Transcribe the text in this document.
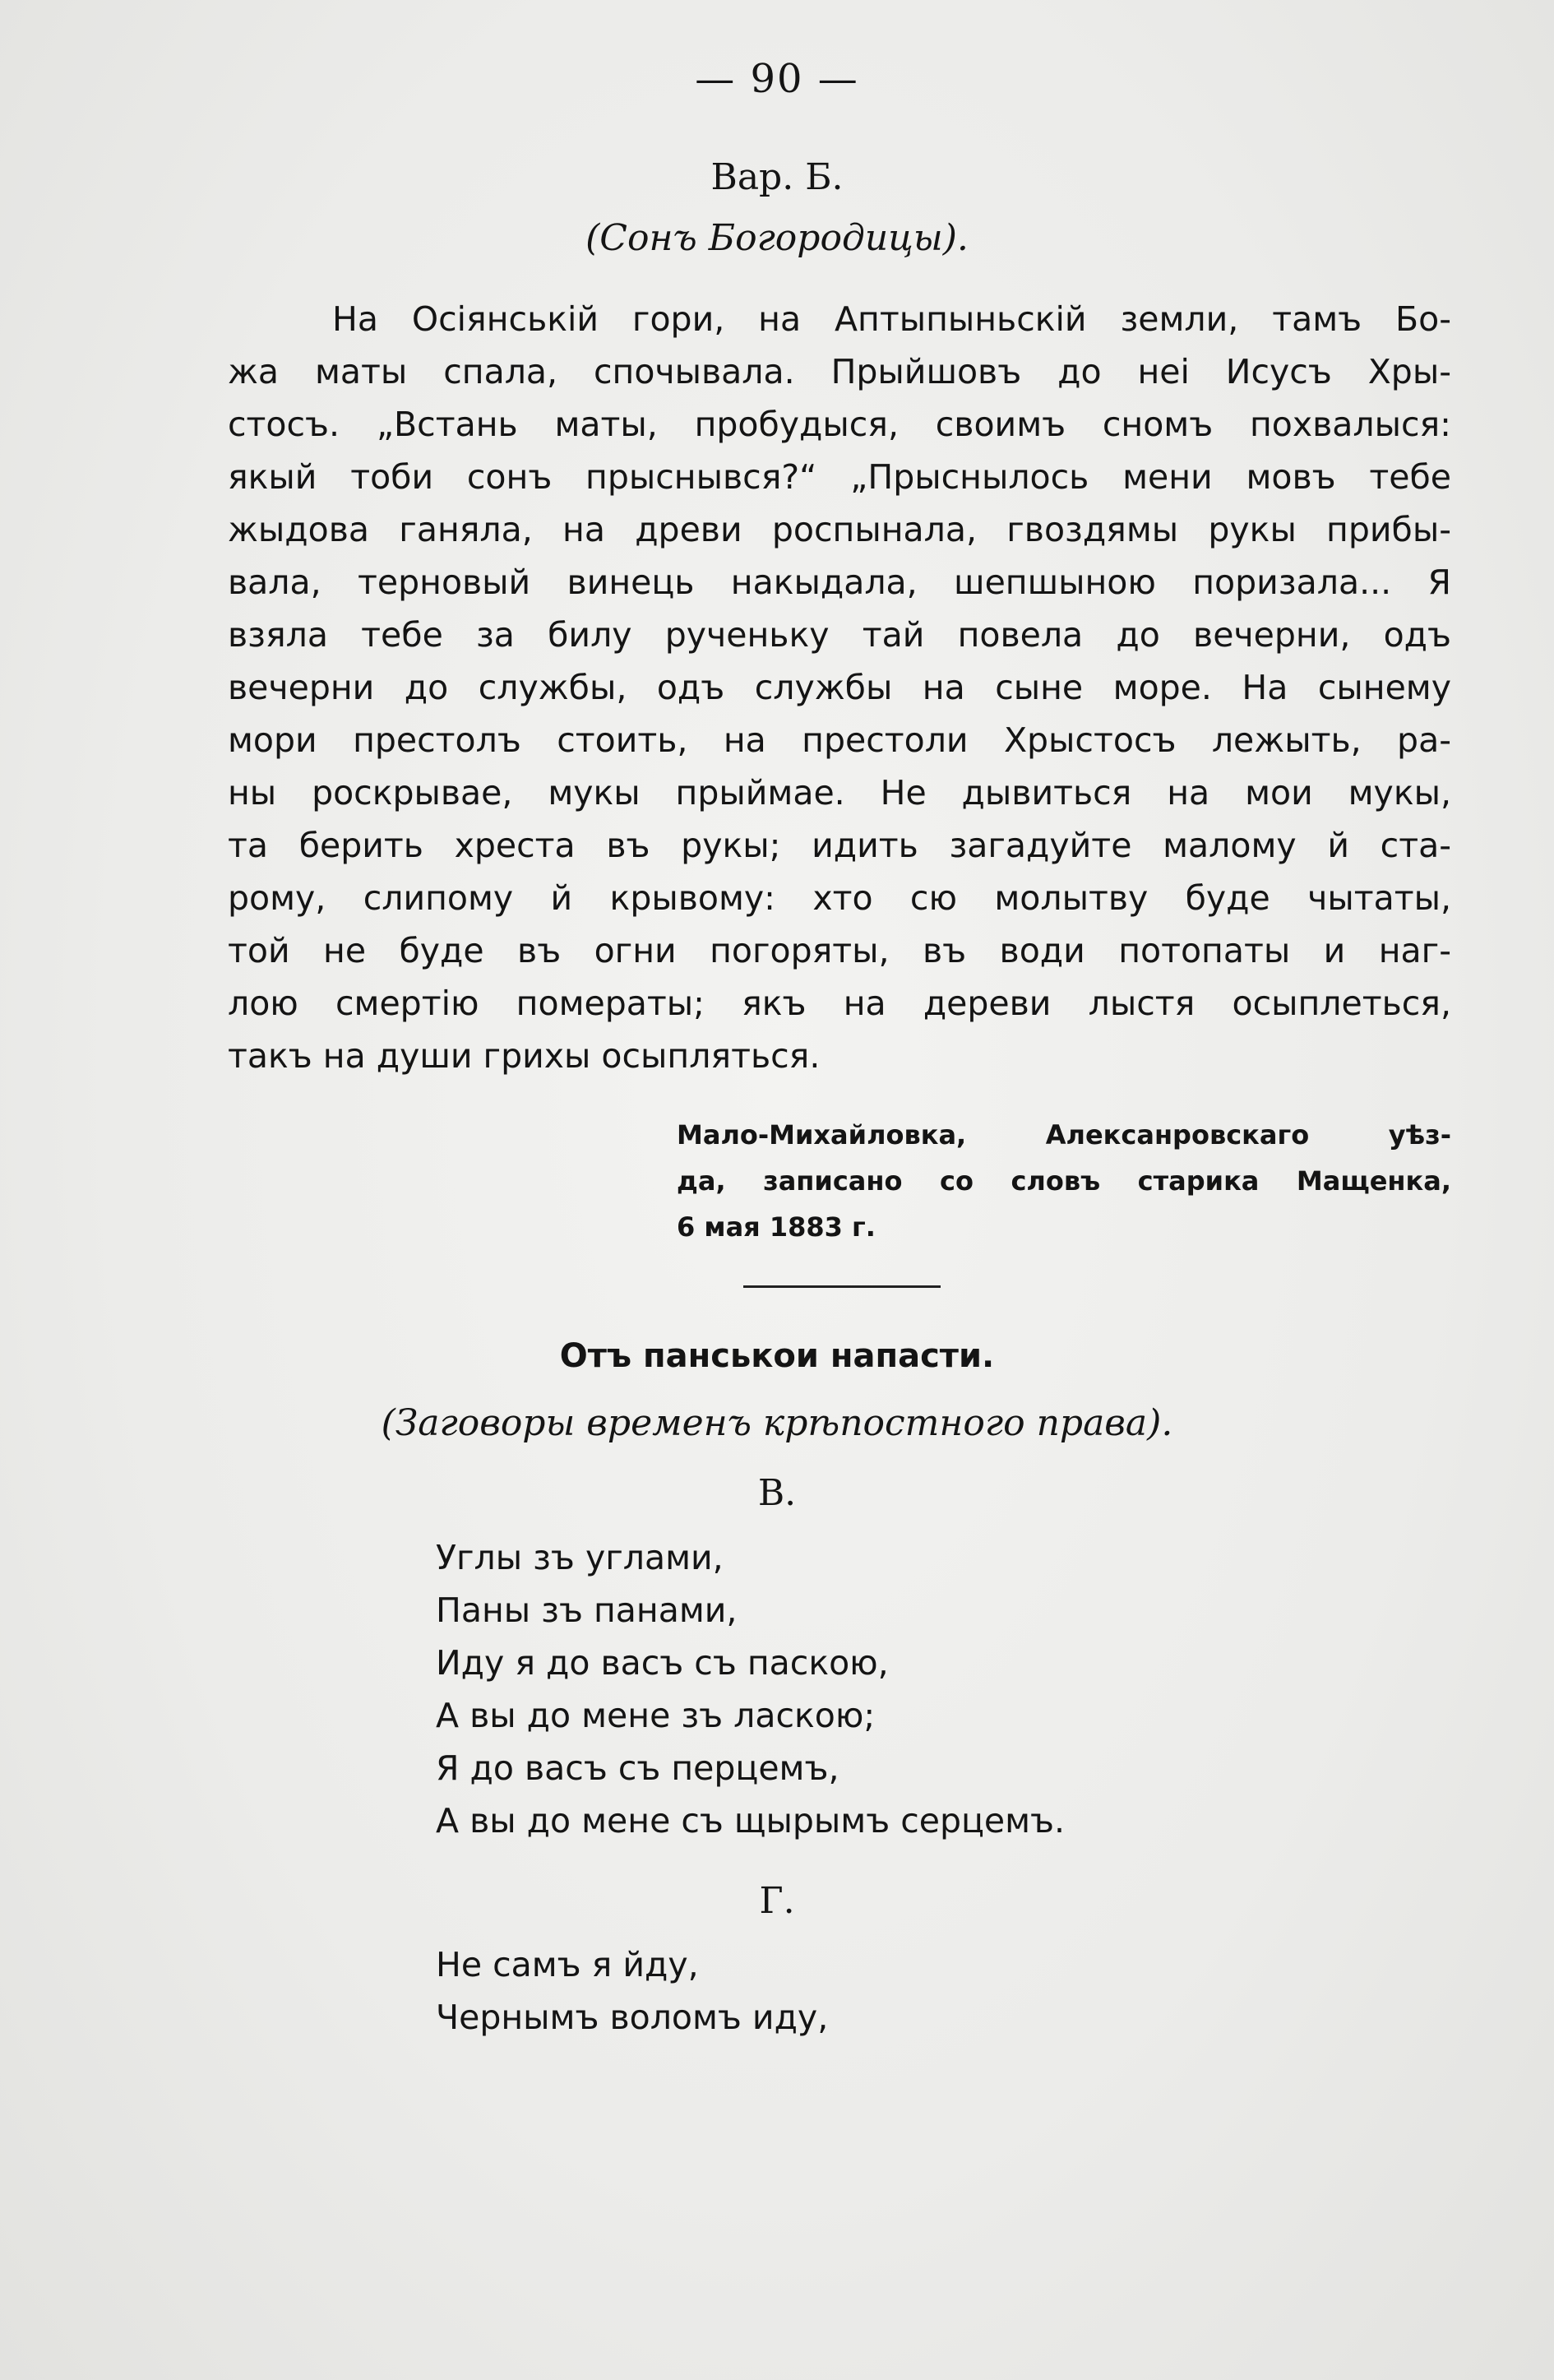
— 90 —
Вар. Б.
(Сонъ Богородицы).
На Осіянській гори, на Аптыпыньскій земли, тамъ Бо-
жа маты спала, спочывала. Прыйшовъ до неі Исусъ Хры-
стосъ. „Встань маты, пробудыся, своимъ сномъ похвалыся:
якый тоби сонъ прыснывся?“ „Прыснылось мени мовъ тебе
жыдова ганяла, на древи роспынала, гвоздямы рукы прибы-
вала, терновый винець накыдала, шепшыною поризала... Я
взяла тебе за билу ручeньку тай повела до вечерни, одъ
вечерни до службы, одъ службы на сыне море. На сынему
мори престолъ стоить, на престоли Хрыстосъ лежыть, ра-
ны роскрывае, мукы прыймае. Не дывиться на мои мукы,
та берить хреста въ рукы; идить загадуйте малому й ста-
рому, слипому й крывому: хто сю молытву буде чытаты,
той не буде въ огни погоряты, въ води потопаты и наг-
лою смертію помераты; якъ на дереви лыстя осыплеться,
такъ на души грихы осыпляться.
Мало-Михайловка, Алексанровскаго уѣз-
да, записано со словъ старика Мащенка,
6 мая 1883 г.
Отъ панськои напасти.
(Заговоры временъ крѣпостного права).
В.
Углы зъ углами,
Паны зъ панами,
Иду я до васъ съ паскою,
А вы до мене зъ ласкою;
Я до васъ съ перцемъ,
А вы до мене съ щырымъ серцемъ.
Г.
Не самъ я йду,
Чернымъ воломъ иду,
